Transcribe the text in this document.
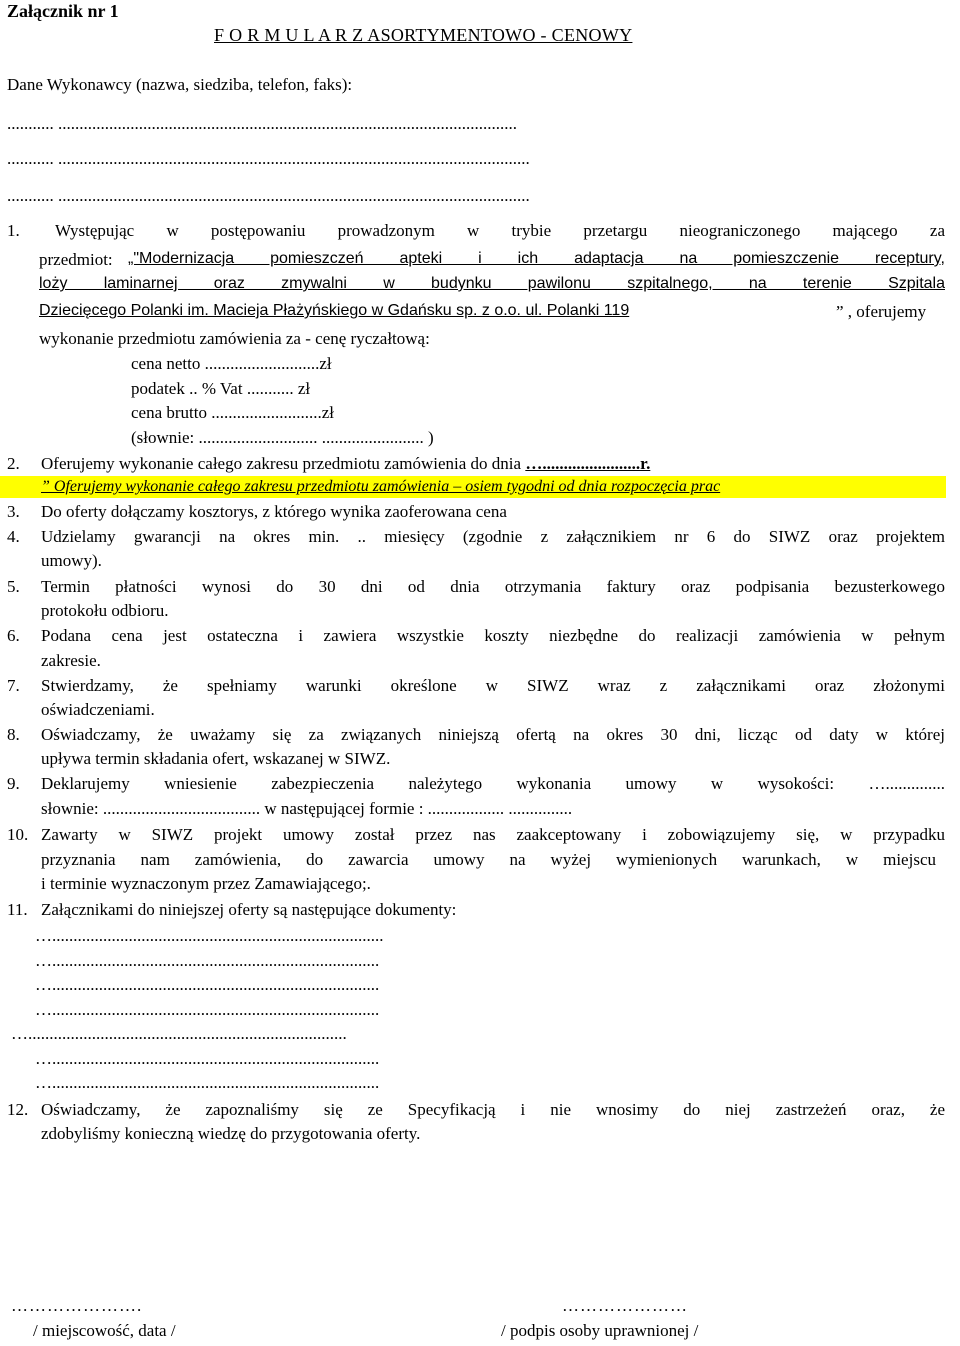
Załącznik nr 1
F O R M U L A R Z ASORTYMENTOWO - CENOWY
Dane Wykonawcy (nazwa, siedziba, telefon, faks):
........... ............................................................................................................
........... ...............................................................................................................
........... ...............................................................................................................
1. Występując w postępowaniu prowadzonym w trybie przetargu nieograniczonego mającego za
przedmiot: „"Modernizacja pomieszczeń apteki i ich adaptacja na pomieszczenie receptury,
loży laminarnej oraz zmywalni w budynku pawilonu szpitalnego, na terenie Szpitala
Dziecięcego Polanki im. Macieja Płażyńskiego w Gdańsku sp. z o.o. ul. Polanki 119	” , oferujemy
wykonanie przedmiotu zamówienia za - cenę ryczałtową:
cena netto ...........................zł
podatek .. % Vat ........... zł
cena brutto ..........................zł
(słownie: ............................ ........................ )
2. Oferujemy wykonanie całego zakresu przedmiotu zamówienia do dnia ….......................r.
” Oferujemy wykonanie całego zakresu przedmiotu zamówienia – osiem tygodni od dnia rozpoczęcia prac
3. Do oferty dołączamy kosztorys, z którego wynika zaoferowana cena
4. Udzielamy gwarancji na okres min. .. miesięcy (zgodnie z załącznikiem nr 6 do SIWZ oraz projektem
umowy).
5. Termin płatności wynosi do 30 dni od dnia otrzymania faktury oraz podpisania bezusterkowego
protokołu odbioru.
6. Podana cena jest ostateczna i zawiera wszystkie koszty niezbędne do realizacji zamówienia w pełnym
zakresie.
7. Stwierdzamy, że spełniamy warunki określone w SIWZ wraz z załącznikami oraz złożonymi
oświadczeniami.
8. Oświadczamy, że uważamy się za związanych niniejszą ofertą na okres 30 dni, licząc od daty w której
upływa termin składania ofert, wskazanej w SIWZ.
9. Deklarujemy wniesienie zabezpieczenia należytego wykonania umowy w wysokości: …..............
słownie: ..................................... w następującej formie : .................. ...............
10. Zawarty w SIWZ projekt umowy został przez nas zaakceptowany i zobowiązujemy się, w przypadku
przyznania nam zamówienia, do zawarcia umowy na wyżej wymienionych warunkach, w miejscu
i terminie wyznaczonym przez Zamawiającego;.
11. Załącznikami do niniejszej oferty są następujące dokumenty:
…..............................................................................
….............................................................................
….............................................................................
….............................................................................
…...........................................................................
….............................................................................
….............................................................................
12. Oświadczamy, że zapoznaliśmy się ze Specyfikacją i nie wnosimy do niej zastrzeżeń oraz, że
zdobyliśmy konieczną wiedzę do przygotowania oferty.
………………….	…………………
/ miejscowość, data /	/ podpis osoby uprawnionej /
